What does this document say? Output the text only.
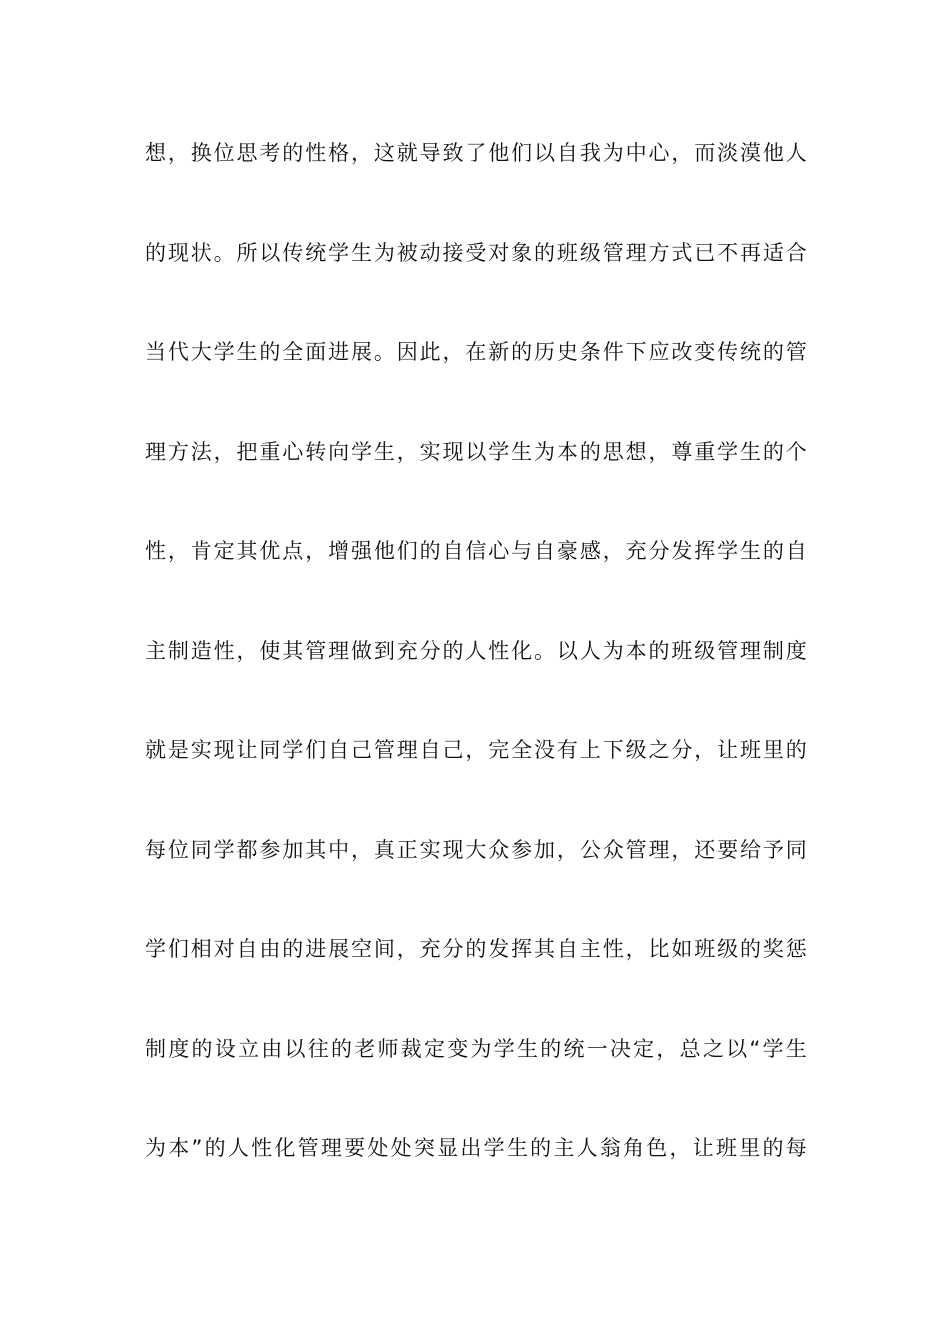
想，换位思考的性格，这就导致了他们以自我为中心，而淡漠他人
的现状。所以传统学生为被动接受对象的班级管理方式已不再适合
当代大学生的全面进展。因此，在新的历史条件下应改变传统的管
理方法，把重心转向学生，实现以学生为本的思想，尊重学生的个
性，肯定其优点，增强他们的自信心与自豪感，充分发挥学生的自
主制造性，使其管理做到充分的人性化。以人为本的班级管理制度
就是实现让同学们自己管理自己，完全没有上下级之分，让班里的
每位同学都参加其中，真正实现大众参加，公众管理，还要给予同
学们相对自由的进展空间，充分的发挥其自主性，比如班级的奖惩
制度的设立由以往的老师裁定变为学生的统一决定，总之以“学生
为本”的人性化管理要处处突显出学生的主人翁角色，让班里的每
